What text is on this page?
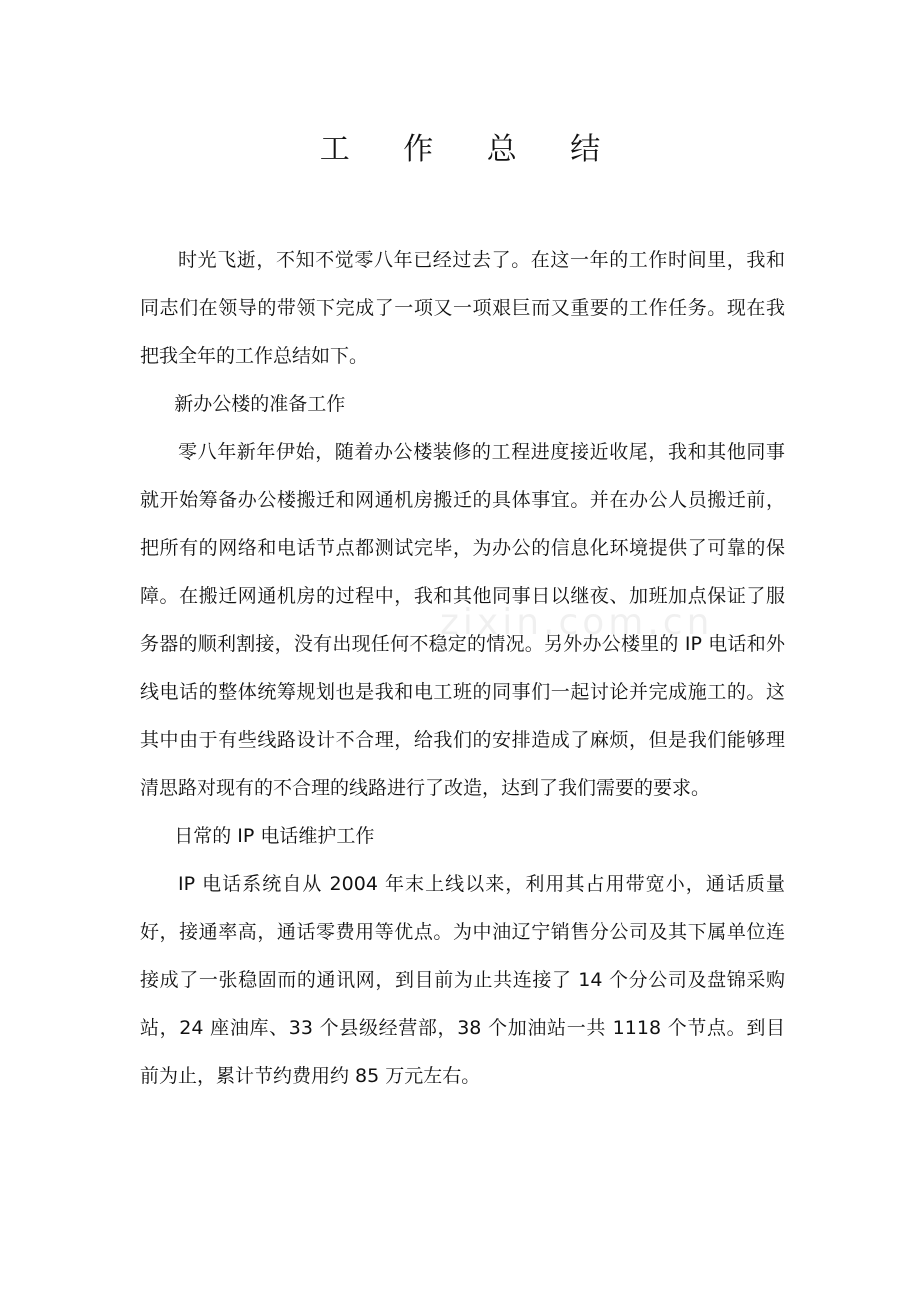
工 作 总 结

时光飞逝，不知不觉零八年已经过去了。在这一年的工作时间里，我和同志们在领导的带领下完成了一项又一项艰巨而又重要的工作任务。现在我把我全年的工作总结如下。

新办公楼的准备工作

零八年新年伊始，随着办公楼装修的工程进度接近收尾，我和其他同事就开始筹备办公楼搬迁和网通机房搬迁的具体事宜。并在办公人员搬迁前，把所有的网络和电话节点都测试完毕，为办公的信息化环境提供了可靠的保障。在搬迁网通机房的过程中，我和其他同事日以继夜、加班加点保证了服务器的顺利割接，没有出现任何不稳定的情况。另外办公楼里的 IP 电话和外线电话的整体统筹规划也是我和电工班的同事们一起讨论并完成施工的。这其中由于有些线路设计不合理，给我们的安排造成了麻烦，但是我们能够理清思路对现有的不合理的线路进行了改造，达到了我们需要的要求。

日常的 IP 电话维护工作

IP 电话系统自从 2004 年末上线以来，利用其占用带宽小，通话质量好，接通率高，通话零费用等优点。为中油辽宁销售分公司及其下属单位连接成了一张稳固而的通讯网，到目前为止共连接了 14 个分公司及盘锦采购站，24 座油库、33 个县级经营部，38 个加油站一共 1118 个节点。到目前为止，累计节约费用约 85 万元左右。

zixin.com.cn
